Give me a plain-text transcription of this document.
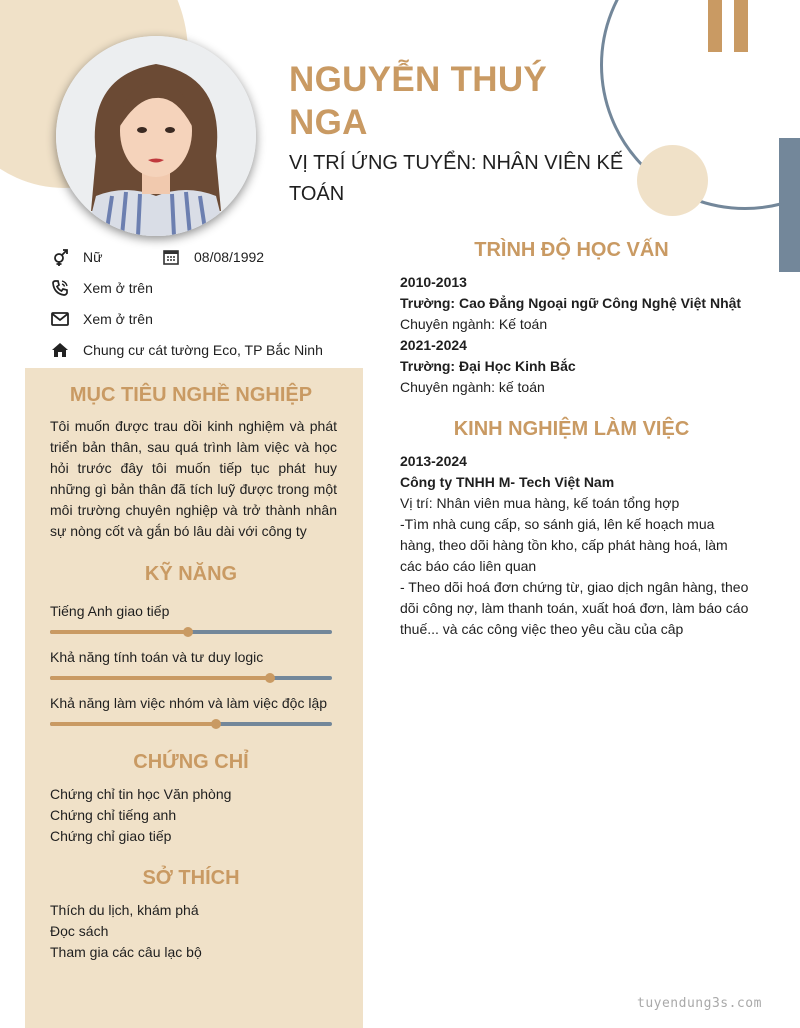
NGUYỄN THUÝ NGA
VỊ TRÍ ỨNG TUYỂN: NHÂN VIÊN KẾ TOÁN
Nữ	08/08/1992
Xem ở trên
Xem ở trên
Chung cư cát tường Eco, TP Bắc Ninh
MỤC TIÊU NGHỀ NGHIỆP
Tôi muốn được trau dồi kinh nghiệm và phát triển bản thân, sau quá trình làm việc và học hỏi trước đây tôi muốn tiếp tục phát huy những gì bản thân đã tích luỹ được trong một môi trường chuyên nghiệp và trở thành nhân sự nòng cốt và gắn bó lâu dài với công ty
KỸ NĂNG
Tiếng Anh giao tiếp
Khả năng tính toán và tư duy logic
Khả năng làm việc nhóm và làm việc độc lập
CHỨNG CHỈ
Chứng chỉ tin học Văn phòng
Chứng chỉ tiếng anh
Chứng chỉ giao tiếp
SỞ THÍCH
Thích du lịch, khám phá
Đọc sách
Tham gia các câu lạc bộ
TRÌNH ĐỘ HỌC VẤN
2010-2013
Trường: Cao Đẳng Ngoại ngữ Công Nghệ Việt Nhật
Chuyên ngành: Kế toán
2021-2024
Trường: Đại Học Kinh Bắc
Chuyên ngành: kế toán
KINH NGHIỆM LÀM VIỆC
2013-2024
Công ty TNHH M- Tech Việt Nam
Vị trí: Nhân viên mua hàng, kế toán tổng hợp
-Tìm nhà cung cấp, so sánh giá, lên kế hoạch mua hàng, theo dõi hàng tồn kho, cấp phát hàng hoá, làm các báo cáo liên quan
- Theo dõi hoá đơn chứng từ, giao dịch ngân hàng, theo dõi công nợ, làm thanh toán, xuất hoá đơn, làm báo cáo thuế... và các công việc theo yêu cầu của câp
tuyendung3s.com
